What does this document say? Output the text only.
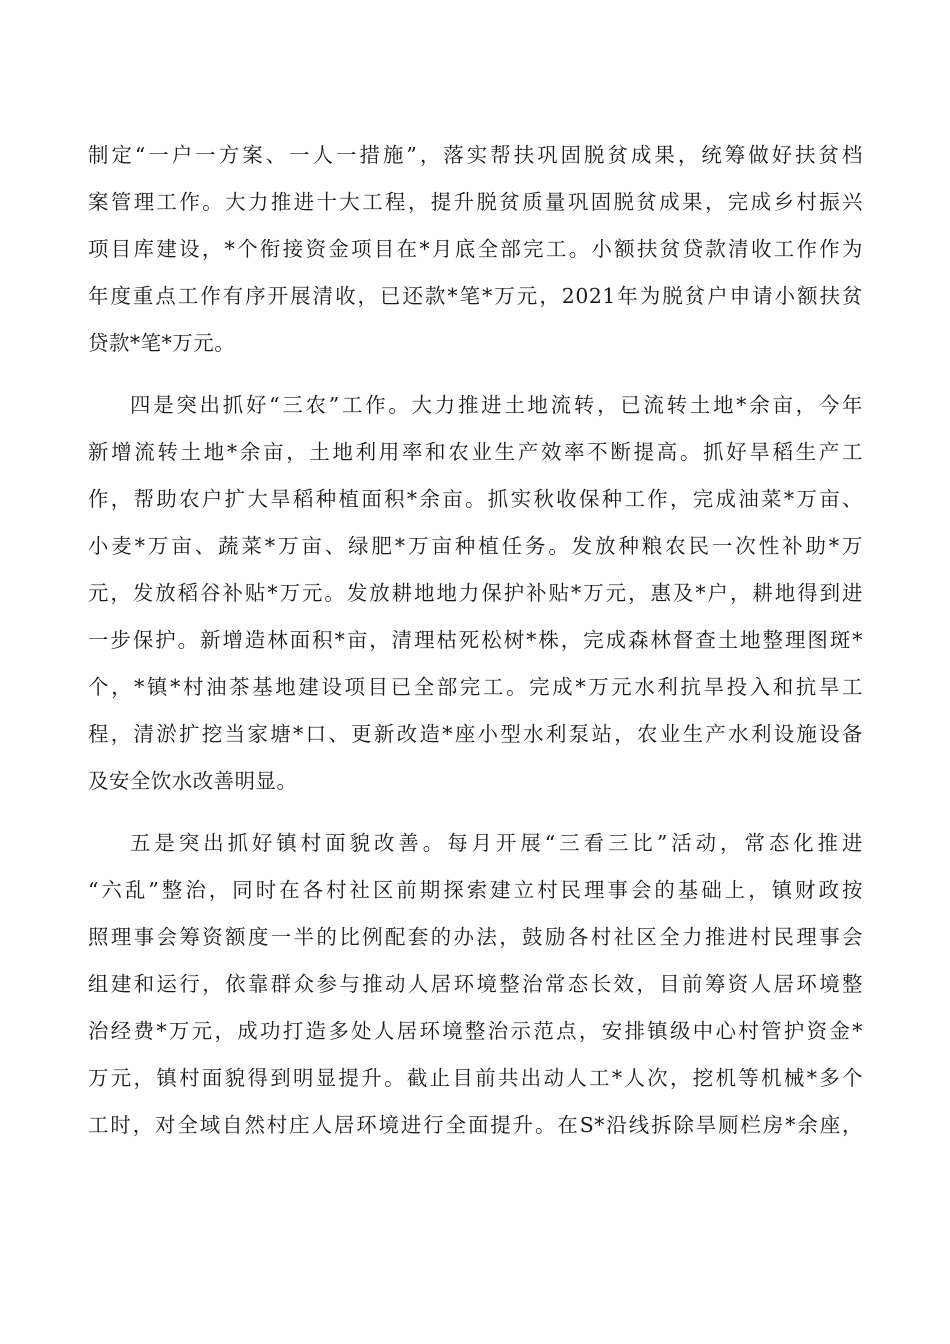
制定“一户一方案、一人一措施”，落实帮扶巩固脱贫成果，统筹做好扶贫档
案管理工作。大力推进十大工程，提升脱贫质量巩固脱贫成果，完成乡村振兴
项目库建设，*个衔接资金项目在*月底全部完工。小额扶贫贷款清收工作作为
年度重点工作有序开展清收，已还款*笔*万元，2021年为脱贫户申请小额扶贫
贷款*笔*万元。
四是突出抓好“三农”工作。大力推进土地流转，已流转土地*余亩，今年
新增流转土地*余亩，土地利用率和农业生产效率不断提高。抓好旱稻生产工
作，帮助农户扩大旱稻种植面积*余亩。抓实秋收保种工作，完成油菜*万亩、
小麦*万亩、蔬菜*万亩、绿肥*万亩种植任务。发放种粮农民一次性补助*万
元，发放稻谷补贴*万元。发放耕地地力保护补贴*万元，惠及*户，耕地得到进
一步保护。新增造林面积*亩，清理枯死松树*株，完成森林督查土地整理图斑*
个，*镇*村油茶基地建设项目已全部完工。完成*万元水利抗旱投入和抗旱工
程，清淤扩挖当家塘*口、更新改造*座小型水利泵站，农业生产水利设施设备
及安全饮水改善明显。
五是突出抓好镇村面貌改善。每月开展“三看三比”活动，常态化推进
“六乱”整治，同时在各村社区前期探索建立村民理事会的基础上，镇财政按
照理事会筹资额度一半的比例配套的办法，鼓励各村社区全力推进村民理事会
组建和运行，依靠群众参与推动人居环境整治常态长效，目前筹资人居环境整
治经费*万元，成功打造多处人居环境整治示范点，安排镇级中心村管护资金*
万元，镇村面貌得到明显提升。截止目前共出动人工*人次，挖机等机械*多个
工时，对全域自然村庄人居环境进行全面提升。在S*沿线拆除旱厕栏房*余座，
